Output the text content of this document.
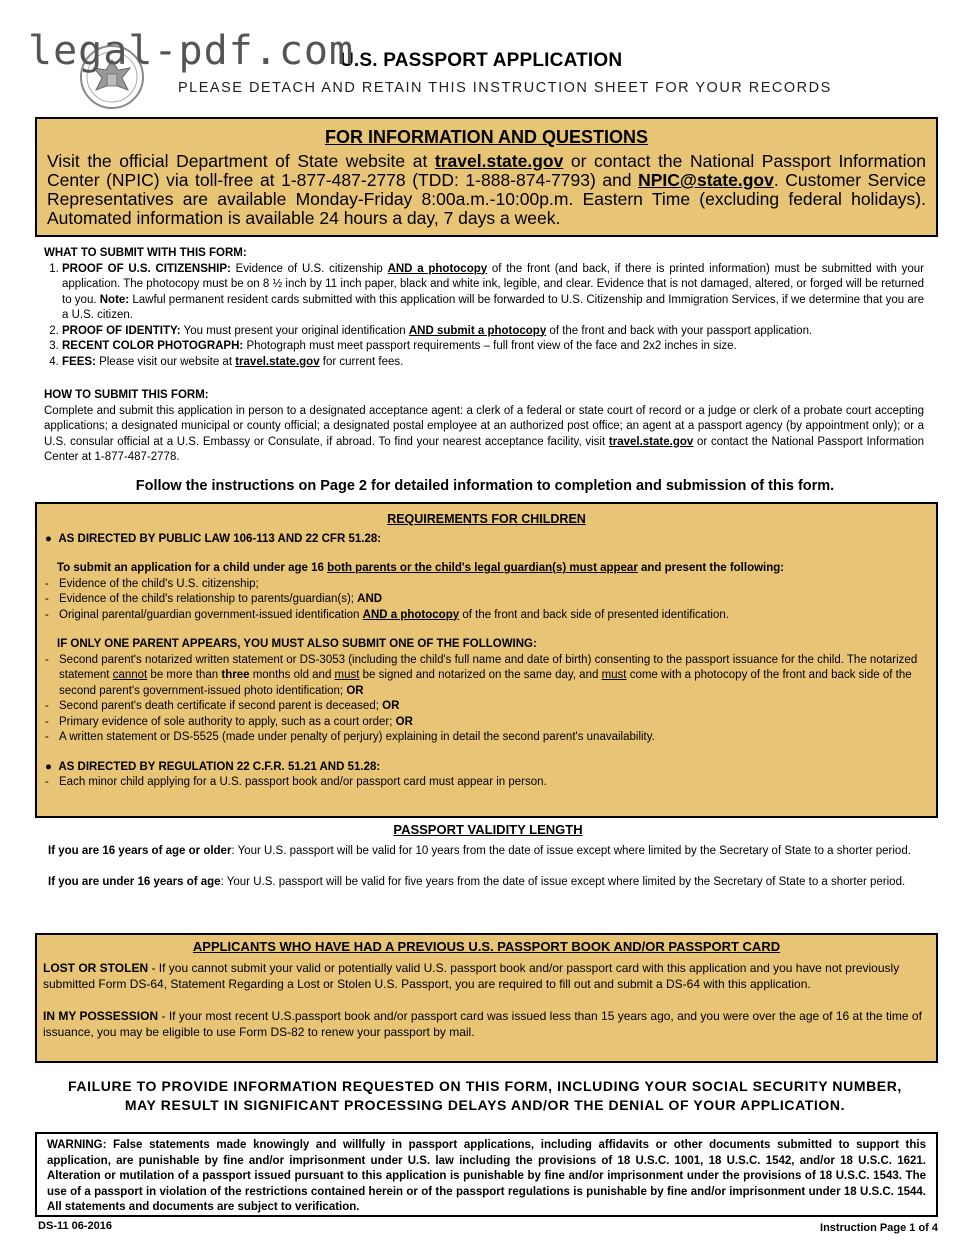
legal-pdf.com
U.S. PASSPORT APPLICATION
PLEASE DETACH AND RETAIN THIS INSTRUCTION SHEET FOR YOUR RECORDS
FOR INFORMATION AND QUESTIONS
Visit the official Department of State website at travel.state.gov or contact the National Passport Information Center (NPIC) via toll-free at 1-877-487-2778 (TDD: 1-888-874-7793) and NPIC@state.gov. Customer Service Representatives are available Monday-Friday 8:00a.m.-10:00p.m. Eastern Time (excluding federal holidays). Automated information is available 24 hours a day, 7 days a week.
WHAT TO SUBMIT WITH THIS FORM:
1. PROOF OF U.S. CITIZENSHIP: Evidence of U.S. citizenship AND a photocopy of the front (and back, if there is printed information) must be submitted with your application. The photocopy must be on 8 ½ inch by 11 inch paper, black and white ink, legible, and clear. Evidence that is not damaged, altered, or forged will be returned to you. Note: Lawful permanent resident cards submitted with this application will be forwarded to U.S. Citizenship and Immigration Services, if we determine that you are a U.S. citizen.
2. PROOF OF IDENTITY: You must present your original identification AND submit a photocopy of the front and back with your passport application.
3. RECENT COLOR PHOTOGRAPH: Photograph must meet passport requirements – full front view of the face and 2x2 inches in size.
4. FEES: Please visit our website at travel.state.gov for current fees.
HOW TO SUBMIT THIS FORM:

Complete and submit this application in person to a designated acceptance agent: a clerk of a federal or state court of record or a judge or clerk of a probate court accepting applications; a designated municipal or county official; a designated postal employee at an authorized post office; an agent at a passport agency (by appointment only); or a U.S. consular official at a U.S. Embassy or Consulate, if abroad. To find your nearest acceptance facility, visit travel.state.gov or contact the National Passport Information Center at 1-877-487-2778.

Follow the instructions on Page 2 for detailed information to completion and submission of this form.
REQUIREMENTS FOR CHILDREN
●  AS DIRECTED BY PUBLIC LAW 106-113 AND 22 CFR 51.28:
To submit an application for a child under age 16 both parents or the child's legal guardian(s) must appear and present the following:
- Evidence of the child's U.S. citizenship;
- Evidence of the child's relationship to parents/guardian(s); AND
- Original parental/guardian government-issued identification AND a photocopy of the front and back side of presented identification.
IF ONLY ONE PARENT APPEARS, YOU MUST ALSO SUBMIT ONE OF THE FOLLOWING:
- Second parent's notarized written statement or DS-3053 (including the child's full name and date of birth) consenting to the passport issuance for the child. The notarized statement cannot be more than three months old and must be signed and notarized on the same day, and must come with a photocopy of the front and back side of the second parent's government-issued photo identification; OR
- Second parent's death certificate if second parent is deceased; OR
- Primary evidence of sole authority to apply, such as a court order; OR
- A written statement or DS-5525 (made under penalty of perjury) explaining in detail the second parent's unavailability.
●  AS DIRECTED BY REGULATION 22 C.F.R. 51.21 AND 51.28:
- Each minor child applying for a U.S. passport book and/or passport card must appear in person.
PASSPORT VALIDITY LENGTH

If you are 16 years of age or older: Your U.S. passport will be valid for 10 years from the date of issue except where limited by the Secretary of State to a shorter period.

If you are under 16 years of age: Your U.S. passport will be valid for five years from the date of issue except where limited by the Secretary of State to a shorter period.

APPLICANTS WHO HAVE HAD A PREVIOUS U.S. PASSPORT BOOK AND/OR PASSPORT CARD

LOST OR STOLEN - If you cannot submit your valid or potentially valid U.S. passport book and/or passport card with this application and you have not previously submitted Form DS-64, Statement Regarding a Lost or Stolen U.S. Passport, you are required to fill out and submit a DS-64 with this application.

IN MY POSSESSION - If your most recent U.S.passport book and/or passport card was issued less than 15 years ago, and you were over the age of 16 at the time of issuance, you may be eligible to use Form DS-82 to renew your passport by mail.

FAILURE TO PROVIDE INFORMATION REQUESTED ON THIS FORM, INCLUDING YOUR SOCIAL SECURITY NUMBER,
MAY RESULT IN SIGNIFICANT PROCESSING DELAYS AND/OR THE DENIAL OF YOUR APPLICATION.
WARNING: False statements made knowingly and willfully in passport applications, including affidavits or other documents submitted to support this application, are punishable by fine and/or imprisonment under U.S. law including the provisions of 18 U.S.C. 1001, 18 U.S.C. 1542, and/or 18 U.S.C. 1621. Alteration or mutilation of a passport issued pursuant to this application is punishable by fine and/or imprisonment under the provisions of 18 U.S.C. 1543. The use of a passport in violation of the restrictions contained herein or of the passport regulations is punishable by fine and/or imprisonment under 18 U.S.C. 1544. All statements and documents are subject to verification.
DS-11 06-2016	Instruction Page 1 of 4
